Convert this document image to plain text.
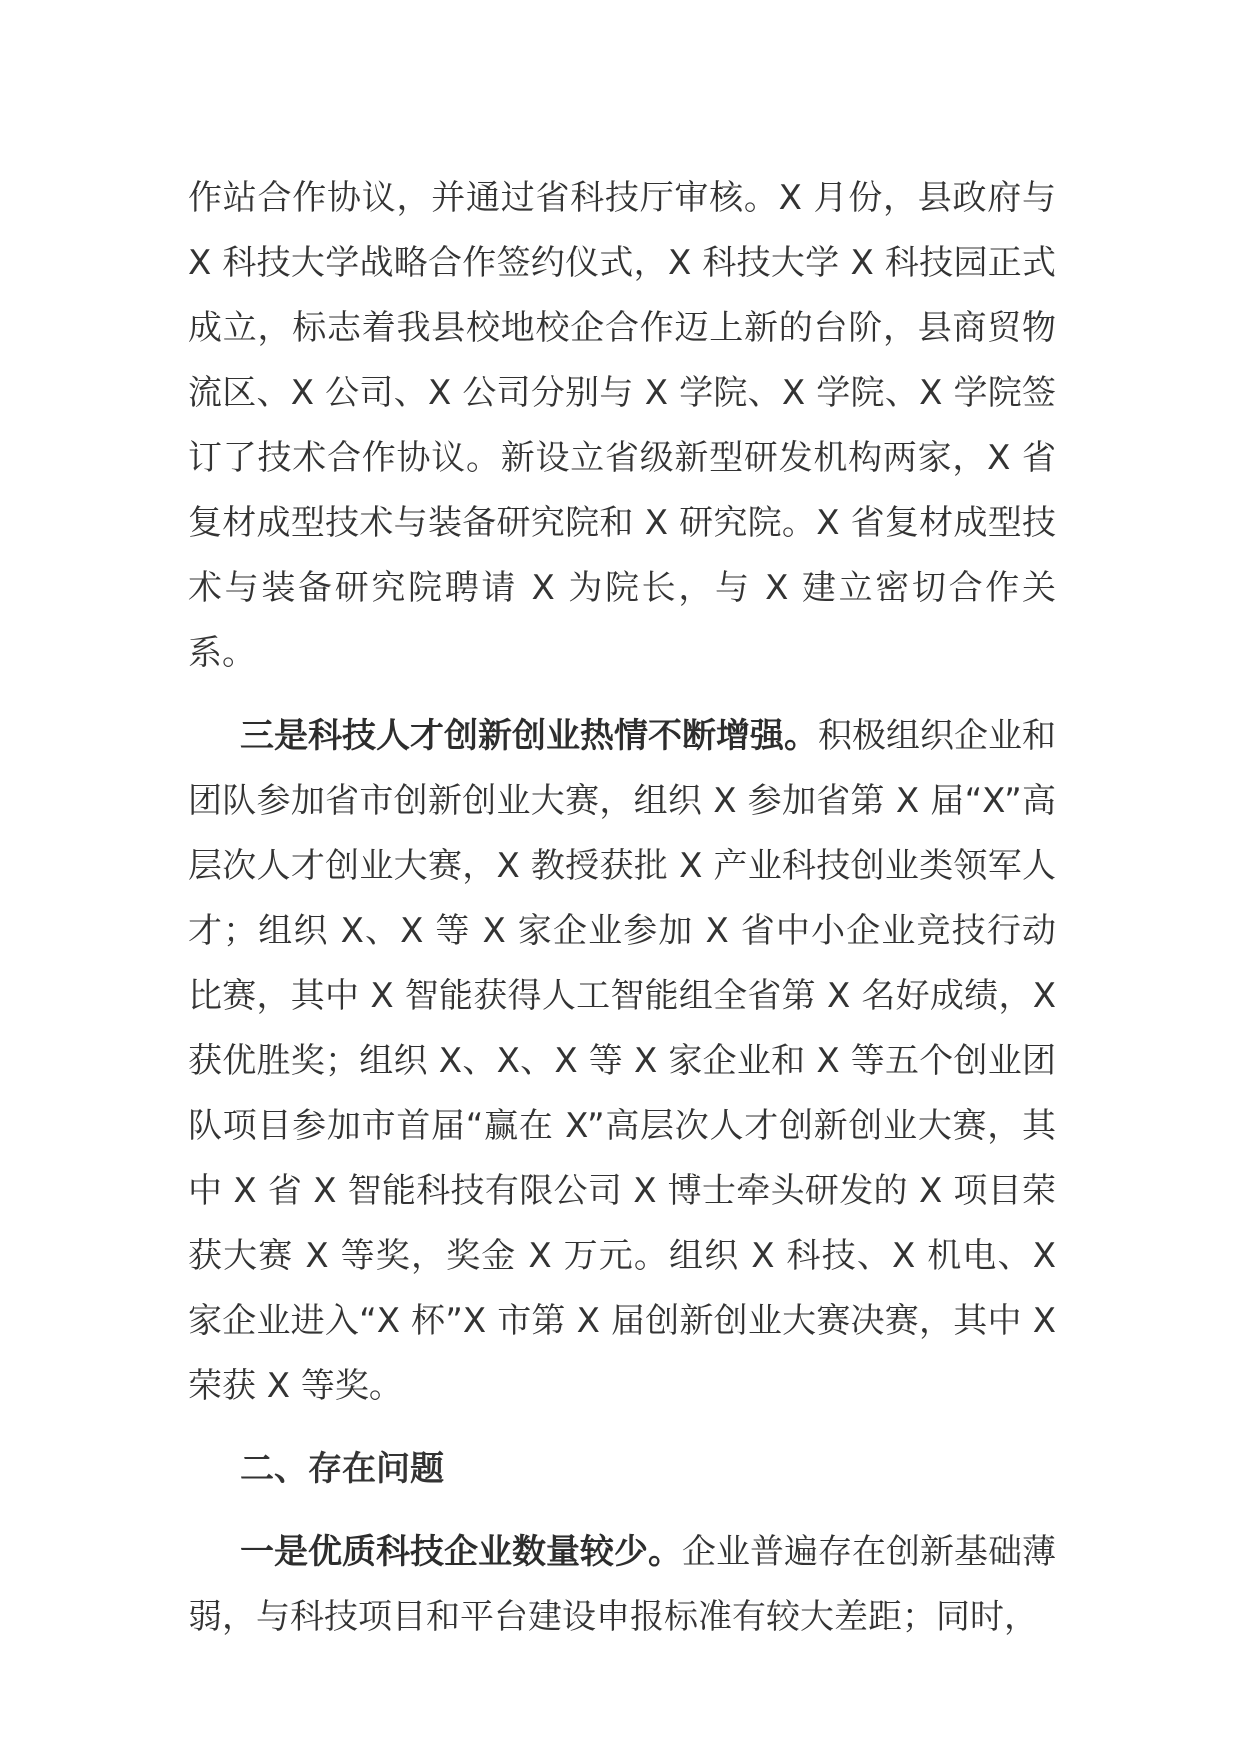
作站合作协议，并通过省科技厅审核。X 月份，县政府与 X 科技大学战略合作签约仪式，X 科技大学 X 科技园正式成立，标志着我县校地校企合作迈上新的台阶，县商贸物流区、X 公司、X 公司分别与 X 学院、X 学院、X 学院签订了技术合作协议。新设立省级新型研发机构两家，X 省复材成型技术与装备研究院和 X 研究院。X 省复材成型技术与装备研究院聘请 X 为院长，与 X 建立密切合作关系。

三是科技人才创新创业热情不断增强。积极组织企业和团队参加省市创新创业大赛，组织 X 参加省第 X 届“X”高层次人才创业大赛，X 教授获批 X 产业科技创业类领军人才；组织 X、X 等 X 家企业参加 X 省中小企业竞技行动比赛，其中 X 智能获得人工智能组全省第 X 名好成绩，X 获优胜奖；组织 X、X、X 等 X 家企业和 X 等五个创业团队项目参加市首届“赢在 X”高层次人才创新创业大赛，其中 X 省 X 智能科技有限公司 X 博士牵头研发的 X 项目荣获大赛 X 等奖，奖金 X 万元。组织 X 科技、X 机电、X 家企业进入“X 杯”X 市第 X 届创新创业大赛决赛，其中 X 荣获 X 等奖。

二、存在问题

一是优质科技企业数量较少。企业普遍存在创新基础薄弱，与科技项目和平台建设申报标准有较大差距；同时，
